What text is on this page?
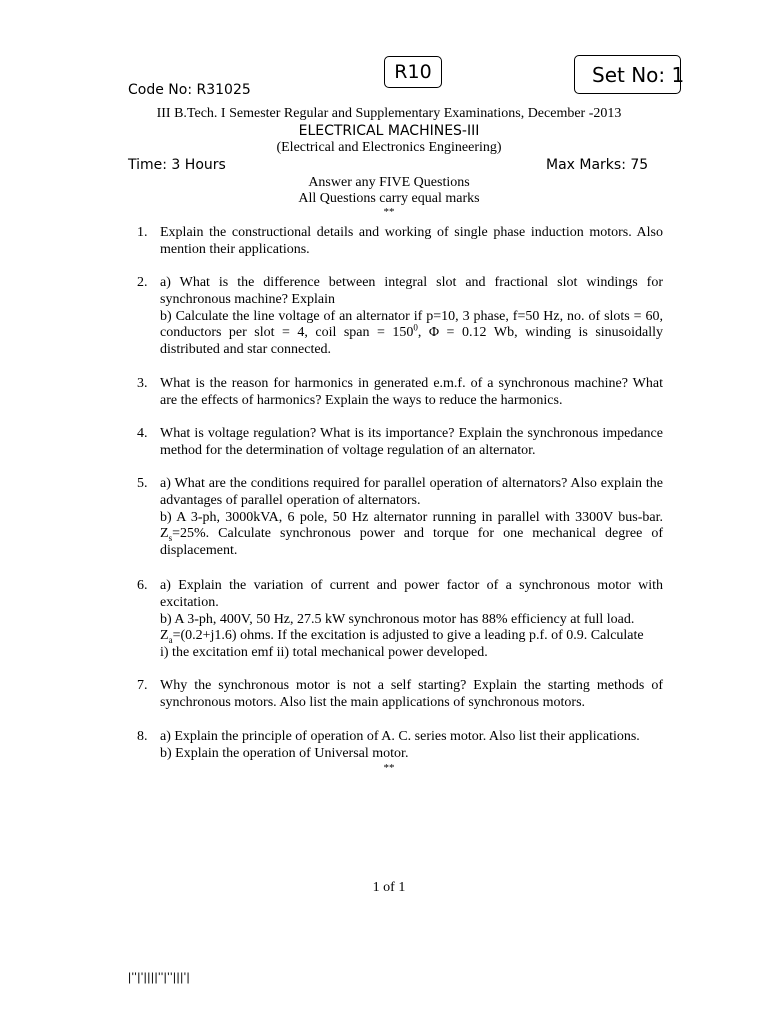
R10	Set No: 1
Code No: R31025
III B.Tech. I Semester Regular and Supplementary Examinations, December -2013
ELECTRICAL MACHINES-III
(Electrical and Electronics Engineering)
Time: 3 Hours	Max Marks: 75
Answer any FIVE Questions
All Questions carry equal marks
**
1. Explain the constructional details and working of single phase induction motors. Also mention their applications.
2. a) What is the difference between integral slot and fractional slot windings for synchronous machine? Explain
b) Calculate the line voltage of an alternator if p=10, 3 phase, f=50 Hz, no. of slots = 60, conductors per slot = 4, coil span = $150^0$, Φ = 0.12 Wb, winding is sinusoidally distributed and star connected.
3. What is the reason for harmonics in generated e.m.f. of a synchronous machine? What are the effects of harmonics? Explain the ways to reduce the harmonics.
4. What is voltage regulation? What is its importance? Explain the synchronous impedance method for the determination of voltage regulation of an alternator.
5. a) What are the conditions required for parallel operation of alternators? Also explain the advantages of parallel operation of alternators.
b) A 3-ph, 3000kVA, 6 pole, 50 Hz alternator running in parallel with 3300V bus-bar. $Z_s=25\%$. Calculate synchronous power and torque for one mechanical degree of displacement.
6. a) Explain the variation of current and power factor of a synchronous motor with excitation.
b) A 3-ph, 400V, 50 Hz, 27.5 kW synchronous motor has 88% efficiency at full load.
$Z_a=(0.2+j1.6)$ ohms. If the excitation is adjusted to give a leading p.f. of 0.9. Calculate
i) the excitation emf ii) total mechanical power developed.
7. Why the synchronous motor is not a self starting? Explain the starting methods of synchronous motors. Also list the main applications of synchronous motors.
8. a) Explain the principle of operation of A. C. series motor. Also list their applications.
b) Explain the operation of Universal motor.
**
1 of 1
|''|'||||''|''|||'|
